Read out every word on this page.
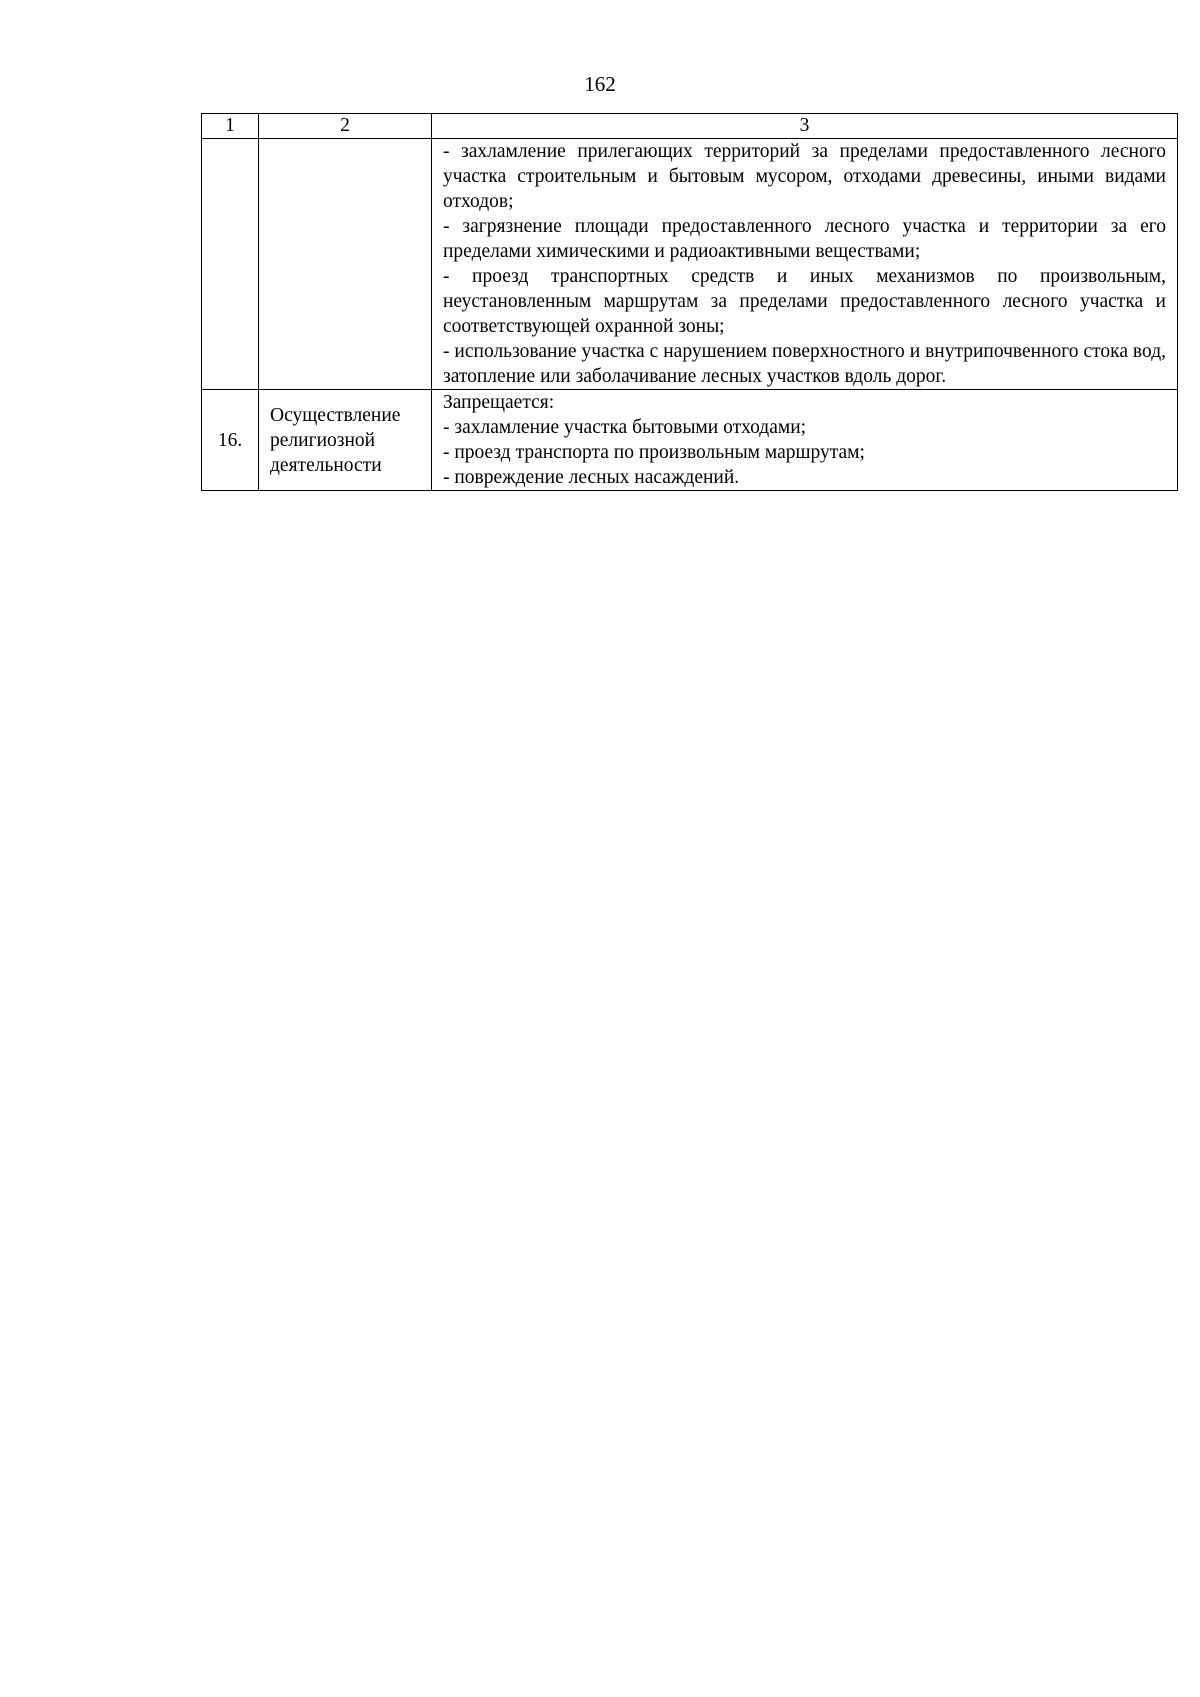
162
1	2	3

		- захламление прилегающих территорий за пределами предоставленного лесного участка строительным и бытовым мусором, отходами древесины, иными видами отходов;
- загрязнение площади предоставленного лесного участка и территории за его пределами химическими и радиоактивными веществами;
- проезд транспортных средств и иных механизмов по произвольным, неустановленным маршрутам за пределами предоставленного лесного участка и соответствующей охранной зоны;
- использование участка с нарушением поверхностного и внутрипочвенного стока вод, затопление или заболачивание лесных участков вдоль дорог.

16.	Осуществление
религиозной
деятельности	Запрещается:
- захламление участка бытовыми отходами;
- проезд транспорта по произвольным маршрутам;
- повреждение лесных насаждений.
